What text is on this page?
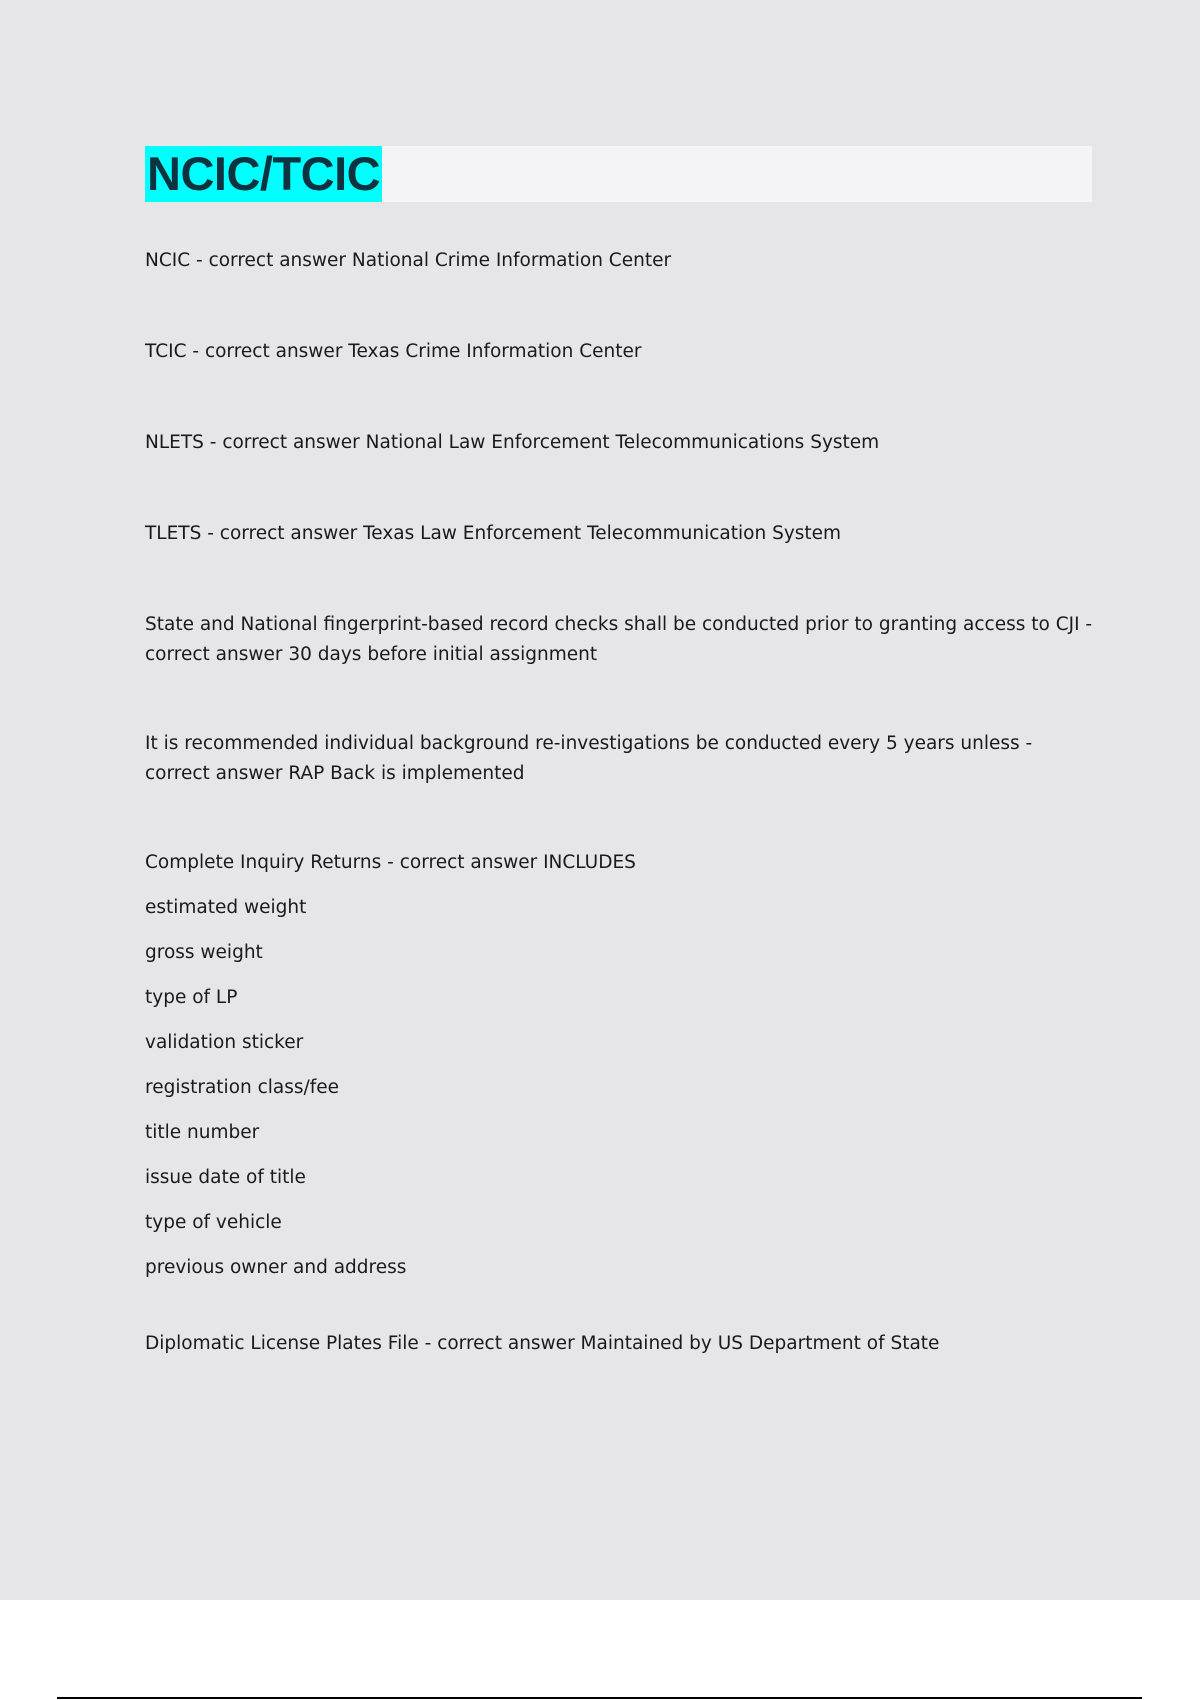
NCIC/TCIC

NCIC - correct answer National Crime Information Center

TCIC - correct answer Texas Crime Information Center

NLETS - correct answer National Law Enforcement Telecommunications System

TLETS - correct answer Texas Law Enforcement Telecommunication System

State and National fingerprint-based record checks shall be conducted prior to granting access to CJI - correct answer 30 days before initial assignment

It is recommended individual background re-investigations be conducted every 5 years unless - correct answer RAP Back is implemented

Complete Inquiry Returns - correct answer INCLUDES

estimated weight
gross weight
type of LP
validation sticker
registration class/fee
title number
issue date of title
type of vehicle
previous owner and address

Diplomatic License Plates File - correct answer Maintained by US Department of State
